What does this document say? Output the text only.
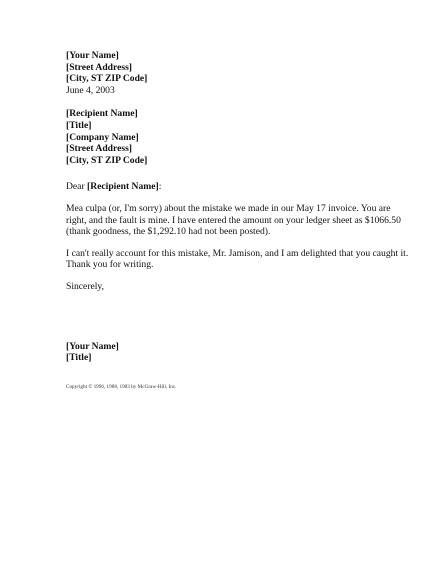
[Your Name]
[Street Address]
[City, ST ZIP Code]
June 4, 2003
[Recipient Name]
[Title]
[Company Name]
[Street Address]
[City, ST ZIP Code]
Dear [Recipient Name]:

Mea culpa (or, I'm sorry) about the mistake we made in our May 17 invoice. You are
right, and the fault is mine. I have entered the amount on your ledger sheet as $1066.50
(thank goodness, the $1,292.10 had not been posted).

I can't really account for this mistake, Mr. Jamison, and I am delighted that you caught it.
Thank you for writing.

Sincerely,

[Your Name]
[Title]
Copyright © 1996, 1988, 1983 by McGraw-Hill, Inc.
